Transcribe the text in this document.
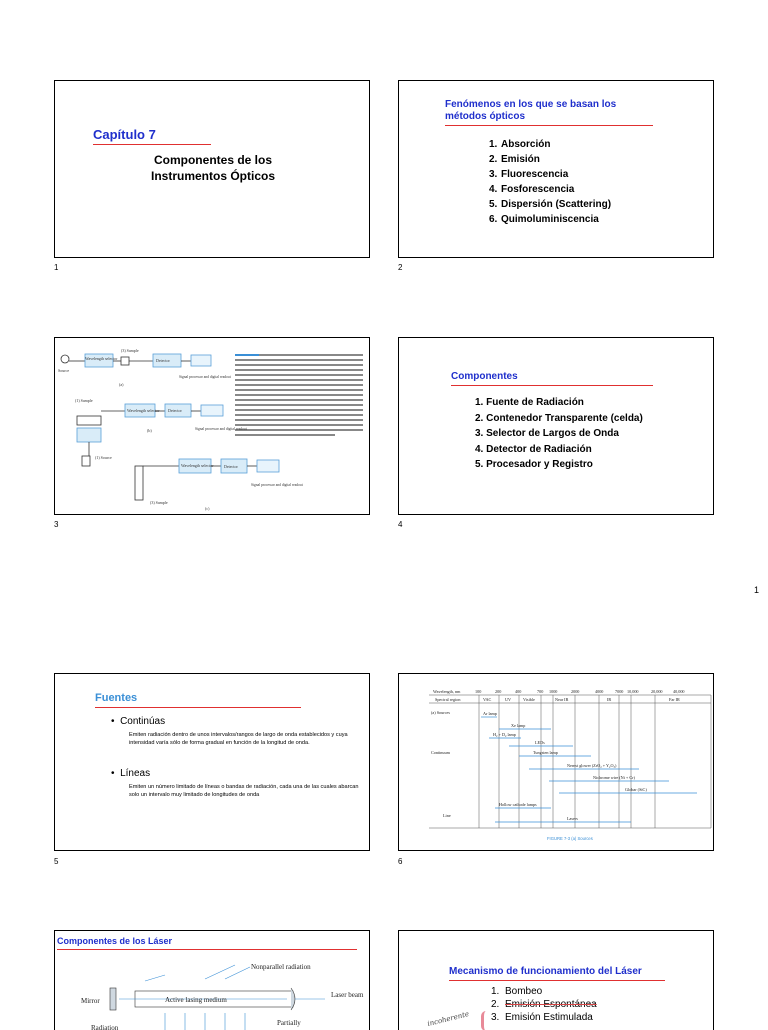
1
Capítulo 7
Componentes de los
Instrumentos Ópticos
1
Fenómenos en los que se basan los
métodos ópticos
1. Absorción
2. Emisión
3. Fluorescencia
4. Fosforescencia
5. Dispersión (Scattering)
6. Quimoluminiscencia
2
Source
(3) Sample
Wavelength selector	Detector
(a)
(1) Sample
Wavelength selector Detector
(b)
(1) Source
Wavelength selector	Detector
(3) Sample
(c)
Signal processor and digital readout
Signal processor and digital readout
Signal processor and digital readout
3
Componentes
1. Fuente de Radiación
2. Contenedor Transparente (celda)
3. Selector de Largos de Onda
4. Detector de Radiación
5. Procesador y Registro
4
Fuentes
•  Continúas
Emiten radiación dentro de unos intervalos/rangos de largo de onda establecidos y cuya intensidad varía sólo de forma gradual en función de la longitud de onda.
•  Líneas
Emiten un número limitado de líneas o bandas de radiación, cada una de las cuales abarcan solo un intervalo muy limitado de longitudes de onda
5
Wavelength, nm	100	200	400	700 1000	2000	4000	7000 10,000	20,000 40,000
Spectral region	VAC	UV	Visible	Near IR	IR	Far IR
(a) Sources
Continuum
Line
Ar lamp
Xe lamp
H₂ + D₂ lamp
LEDs
Tungsten lamp
Nernst glower (ZrO₂ + Y₂O₃)
Nichrome wire (Ni + Cr)
Globar (SiC)
Hollow cathode lamps
Lasers
FIGURE 7-3 (a) Sources
6
Componentes de los Láser
Nonparallel radiation
Mirror	Active lasing medium
Laser beam
Partially
Radiation
Mecanismo de funcionamiento del Láser
1. Bombeo
2. Emisión Espontánea
3. Emisión Estimulada
incoherente
